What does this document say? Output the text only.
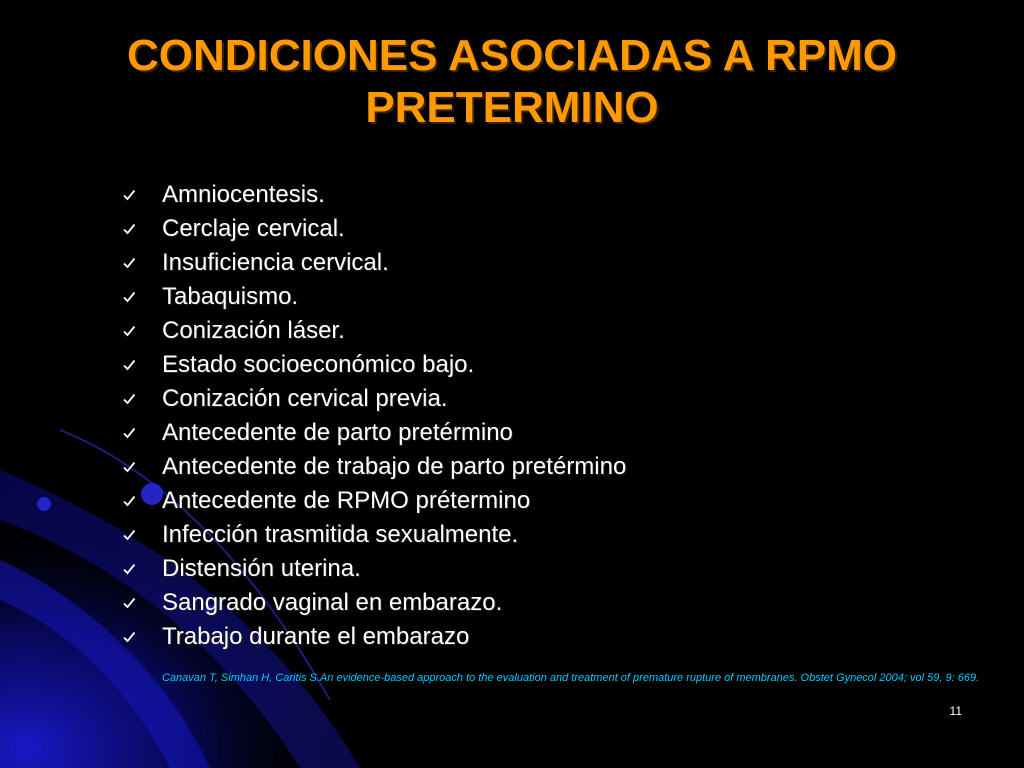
CONDICIONES ASOCIADAS A RPMO
PRETERMINO
Amniocentesis.
Cerclaje cervical.
Insuficiencia cervical.
Tabaquismo.
Conización láser.
Estado socioeconómico bajo.
Conización cervical previa.
Antecedente de parto pretérmino
Antecedente de trabajo de parto pretérmino
Antecedente de RPMO prétermino
Infección trasmitida sexualmente.
Distensión uterina.
Sangrado vaginal en embarazo.
Trabajo durante el embarazo
Canavan T, Simhan H, Caritis S.An evidence-based approach to the evaluation and treatment of premature rupture of membranes. Obstet Gynecol 2004; vol 59, 9: 669.
11
